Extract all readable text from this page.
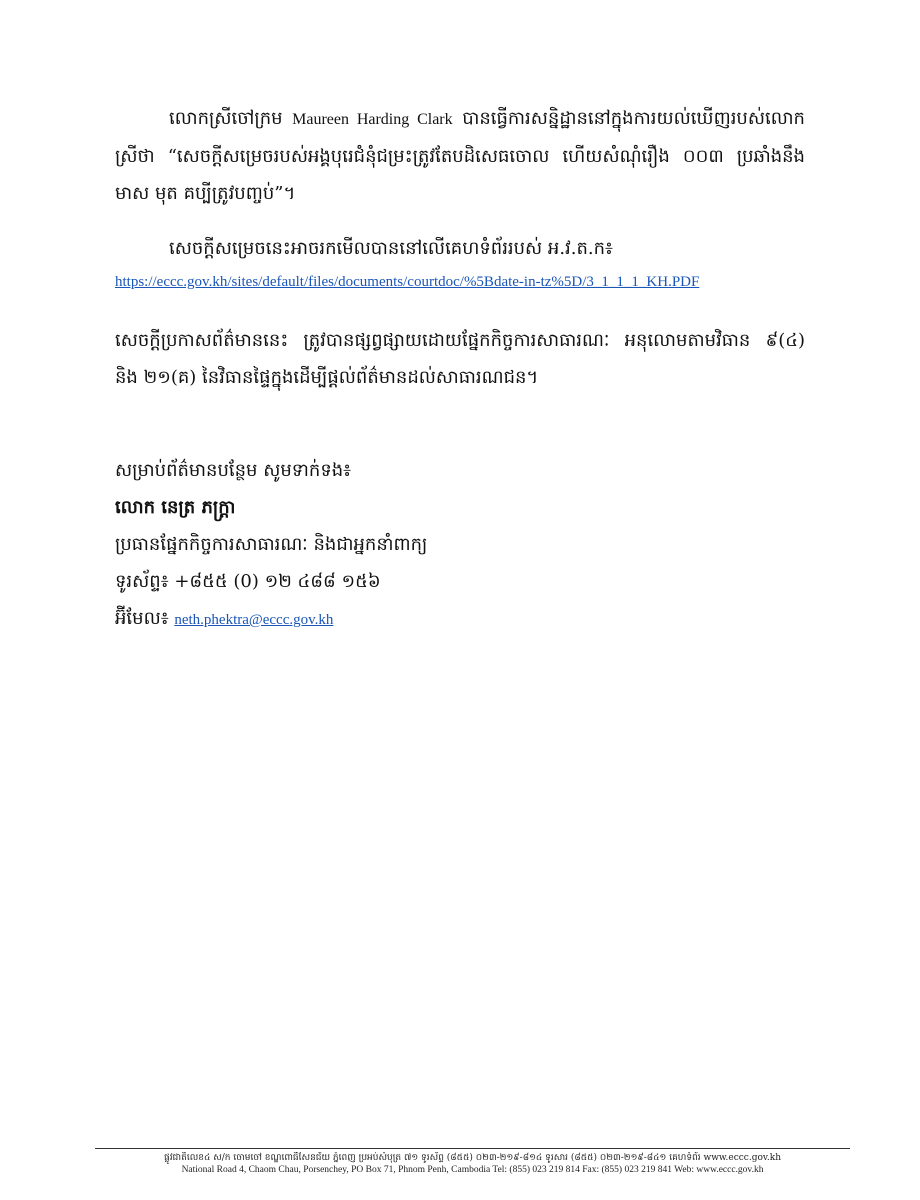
លោកស្រីចៅក្រម Maureen Harding Clark បានធ្វើការសន្និដ្ឋាននៅក្នុងការយល់ឃើញរបស់លោកស្រីថា “សេចក្ដីសម្រេចរបស់អង្គបុរេជំនុំជម្រះត្រូវតែបដិសេធចោល ហើយសំណុំរឿង ០០៣ ប្រឆាំងនឹង មាស មុត គប្បីត្រូវបញ្ចប់”។

សេចក្ដីសម្រេចនេះអាចរកមើលបាននៅលើគេហទំព័ររបស់ អ.វ.ត.ក៖

https://eccc.gov.kh/sites/default/files/documents/courtdoc/%5Bdate-in-tz%5D/3_1_1_1_KH.PDF

សេចក្ដីប្រកាសព័ត៌មាននេះ ត្រូវបានផ្សព្វផ្សាយដោយផ្នែកកិច្ចការសាធារណៈ អនុលោមតាមវិធាន ៩(៤) និង ២១(គ) នៃវិធានផ្ទៃក្នុងដើម្បីផ្ដល់ព័ត៌មានដល់សាធារណជន។

សម្រាប់ព័ត៌មានបន្ថែម សូមទាក់ទង៖
លោក នេត្រ ភក្ត្រា
ប្រធានផ្នែកកិច្ចការសាធារណៈ និងជាអ្នកនាំពាក្យ
ទូរស័ព្ទ៖ +៨៥៥ (0) ១២ ៤៨៨ ១៥៦
អ៊ីមែល៖ neth.phektra@eccc.gov.kh
ផ្លូវជាតិលេខ៤ ស/ក ចោមចៅ ខណ្ឌពោធិ៍សែនជ័យ ភ្នំពេញ ប្រអប់សំបុត្រ ៧១ ទូរស័ព្ទ (៨៥៥) ០២៣-២១៩-៨១៤ ទូរសារ (៨៥៥) ០២៣-២១៩-៨៤១ គេហទំព័រ www.eccc.gov.kh
National Road 4, Chaom Chau, Porsenchey, PO Box 71, Phnom Penh, Cambodia Tel: (855) 023 219 814 Fax: (855) 023 219 841 Web: www.eccc.gov.kh
